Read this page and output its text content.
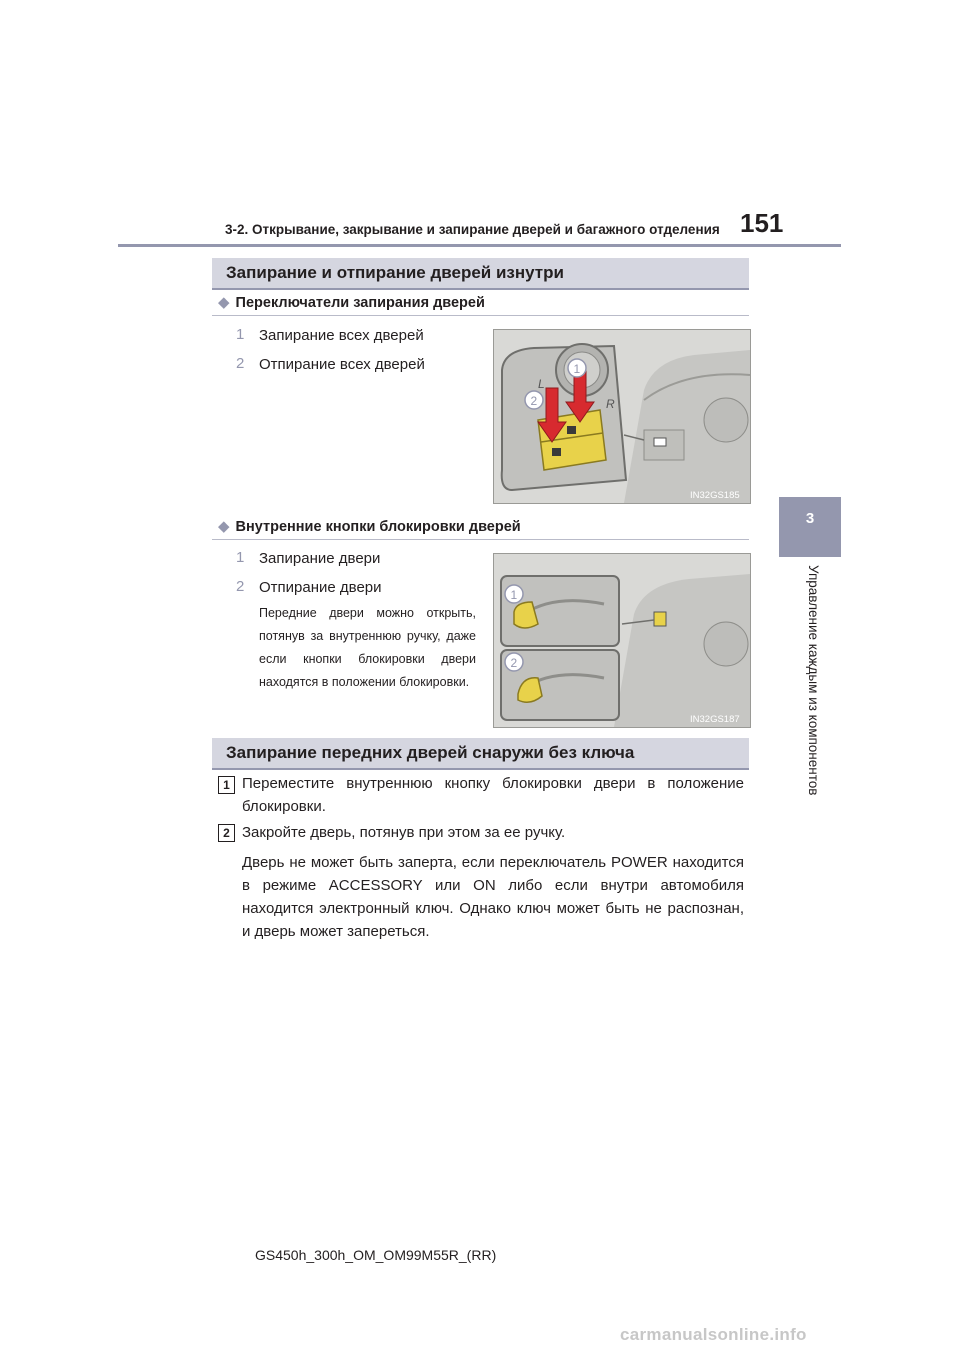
3-2. Открывание, закрывание и запирание дверей и багажного отделения 151
3
Управление каждым из компонентов
Запирание и отпирание дверей изнутри
◆ Переключатели запирания дверей
1 Запирание всех дверей
2 Отпирание всех дверей
L
R
1
2
IN32GS185
◆ Внутренние кнопки блокировки дверей
1 Запирание двери
2 Отпирание двери
Передние двери можно открыть, потянув за внутреннюю ручку, даже если кнопки блокировки двери находятся в положении блокировки.
1
2
IN32GS187
Запирание передних дверей снаружи без ключа
1 Переместите внутреннюю кнопку блокировки двери в положение блокировки.
2 Закройте дверь, потянув при этом за ее ручку.
Дверь не может быть заперта, если переключатель POWER находится в режиме ACCESSORY или ON либо если внутри автомобиля находится электронный ключ. Однако ключ может быть не распознан, и дверь может запереться.
GS450h_300h_OM_OM99M55R_(RR)
carmanualsonline.info
